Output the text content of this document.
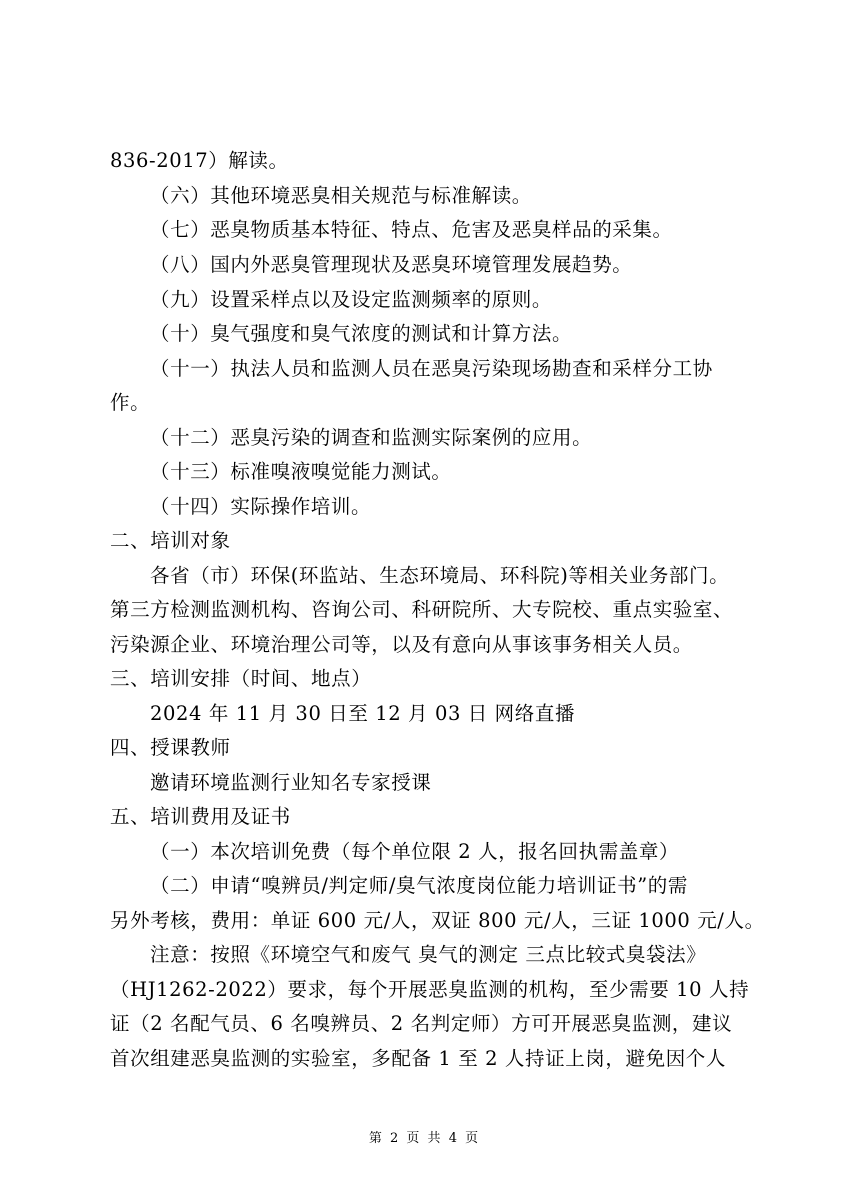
836-2017）解读。
（六）其他环境恶臭相关规范与标准解读。
（七）恶臭物质基本特征、特点、危害及恶臭样品的采集。
（八）国内外恶臭管理现状及恶臭环境管理发展趋势。
（九）设置采样点以及设定监测频率的原则。
（十）臭气强度和臭气浓度的测试和计算方法。
（十一）执法人员和监测人员在恶臭污染现场勘查和采样分工协
作。
（十二）恶臭污染的调查和监测实际案例的应用。
（十三）标准嗅液嗅觉能力测试。
（十四）实际操作培训。
二、培训对象
各省（市）环保(环监站、生态环境局、环科院)等相关业务部门。
第三方检测监测机构、咨询公司、科研院所、大专院校、重点实验室、
污染源企业、环境治理公司等，以及有意向从事该事务相关人员。
三、培训安排（时间、地点）
2024 年 11 月 30 日至 12 月 03 日 网络直播
四、授课教师
邀请环境监测行业知名专家授课
五、培训费用及证书
（一）本次培训免费（每个单位限 2 人，报名回执需盖章）
（二）申请“嗅辨员/判定师/臭气浓度岗位能力培训证书”的需
另外考核，费用：单证 600 元/人，双证 800 元/人，三证 1000 元/人。
注意：按照《环境空气和废气 臭气的测定 三点比较式臭袋法》
（HJ1262-2022）要求，每个开展恶臭监测的机构，至少需要 10 人持
证（2 名配气员、6 名嗅辨员、2 名判定师）方可开展恶臭监测，建议
首次组建恶臭监测的实验室，多配备 1 至 2 人持证上岗，避免因个人
第 2 页 共 4 页
